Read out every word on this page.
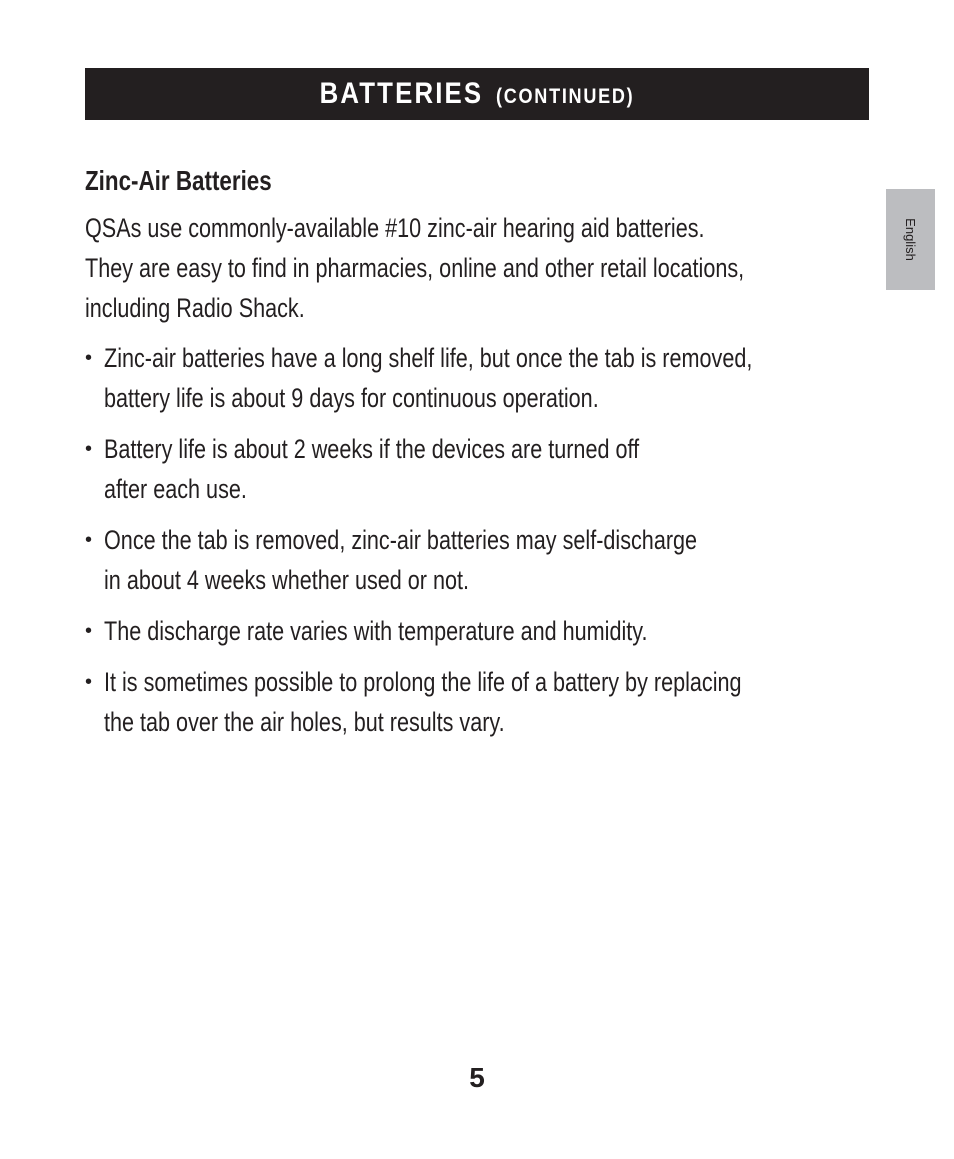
BATTERIES (CONTINUED)
English
Zinc-Air Batteries

QSAs use commonly-available #10 zinc-air hearing aid batteries.
They are easy to find in pharmacies, online and other retail locations,
including Radio Shack.

• Zinc-air batteries have a long shelf life, but once the tab is removed,
battery life is about 9 days for continuous operation.
• Battery life is about 2 weeks if the devices are turned off
after each use.
• Once the tab is removed, zinc-air batteries may self-discharge
in about 4 weeks whether used or not.
• The discharge rate varies with temperature and humidity.
• It is sometimes possible to prolong the life of a battery by replacing
the tab over the air holes, but results vary.
5
